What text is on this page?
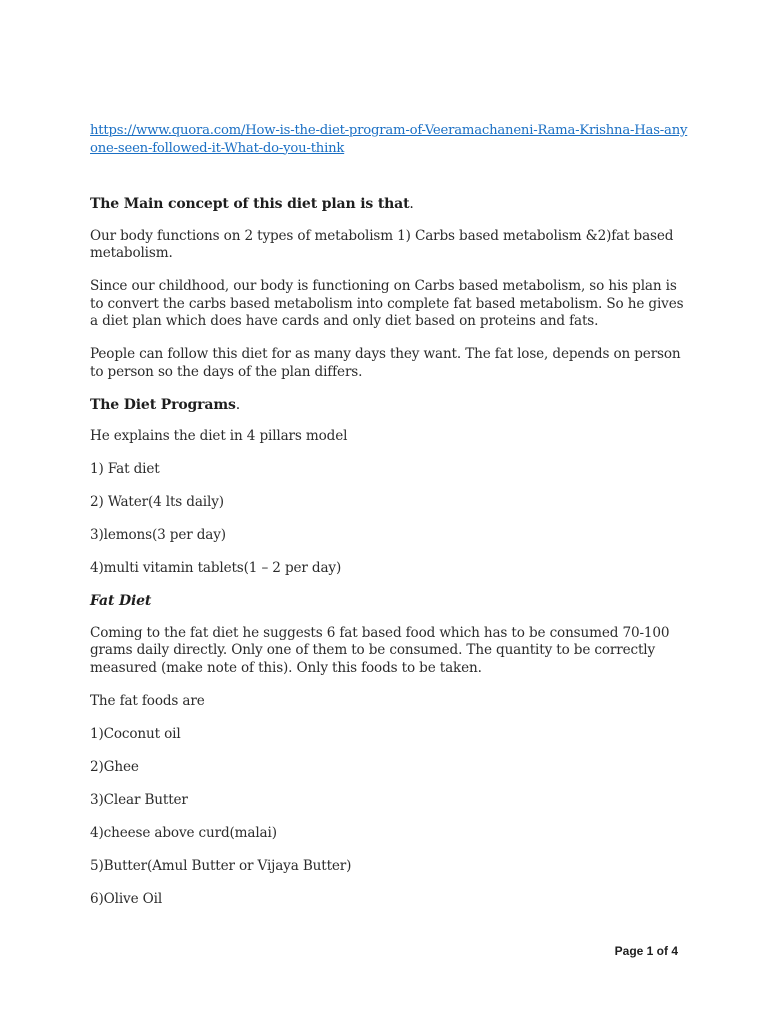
https://www.quora.com/How-is-the-diet-program-of-Veeramachaneni-Rama-Krishna-Has-anyone-seen-followed-it-What-do-you-think
The Main concept of this diet plan is that.
Our body functions on 2 types of metabolism 1) Carbs based metabolism &2)fat based metabolism.
Since our childhood, our body is functioning on Carbs based metabolism, so his plan is to convert the carbs based metabolism into complete fat based metabolism. So he gives a diet plan which does have cards and only diet based on proteins and fats.
People can follow this diet for as many days they want. The fat lose, depends on person to person so the days of the plan differs.
The Diet Programs.
He explains the diet in 4 pillars model
1) Fat diet
2) Water(4 lts daily)
3)lemons(3 per day)
4)multi vitamin tablets(1 – 2 per day)
Fat Diet
Coming to the fat diet he suggests 6 fat based food which has to be consumed 70-100 grams daily directly. Only one of them to be consumed. The quantity to be correctly measured (make note of this). Only this foods to be taken.
The fat foods are
1)Coconut oil
2)Ghee
3)Clear Butter
4)cheese above curd(malai)
5)Butter(Amul Butter or Vijaya Butter)
6)Olive Oil
Page 1 of 4
